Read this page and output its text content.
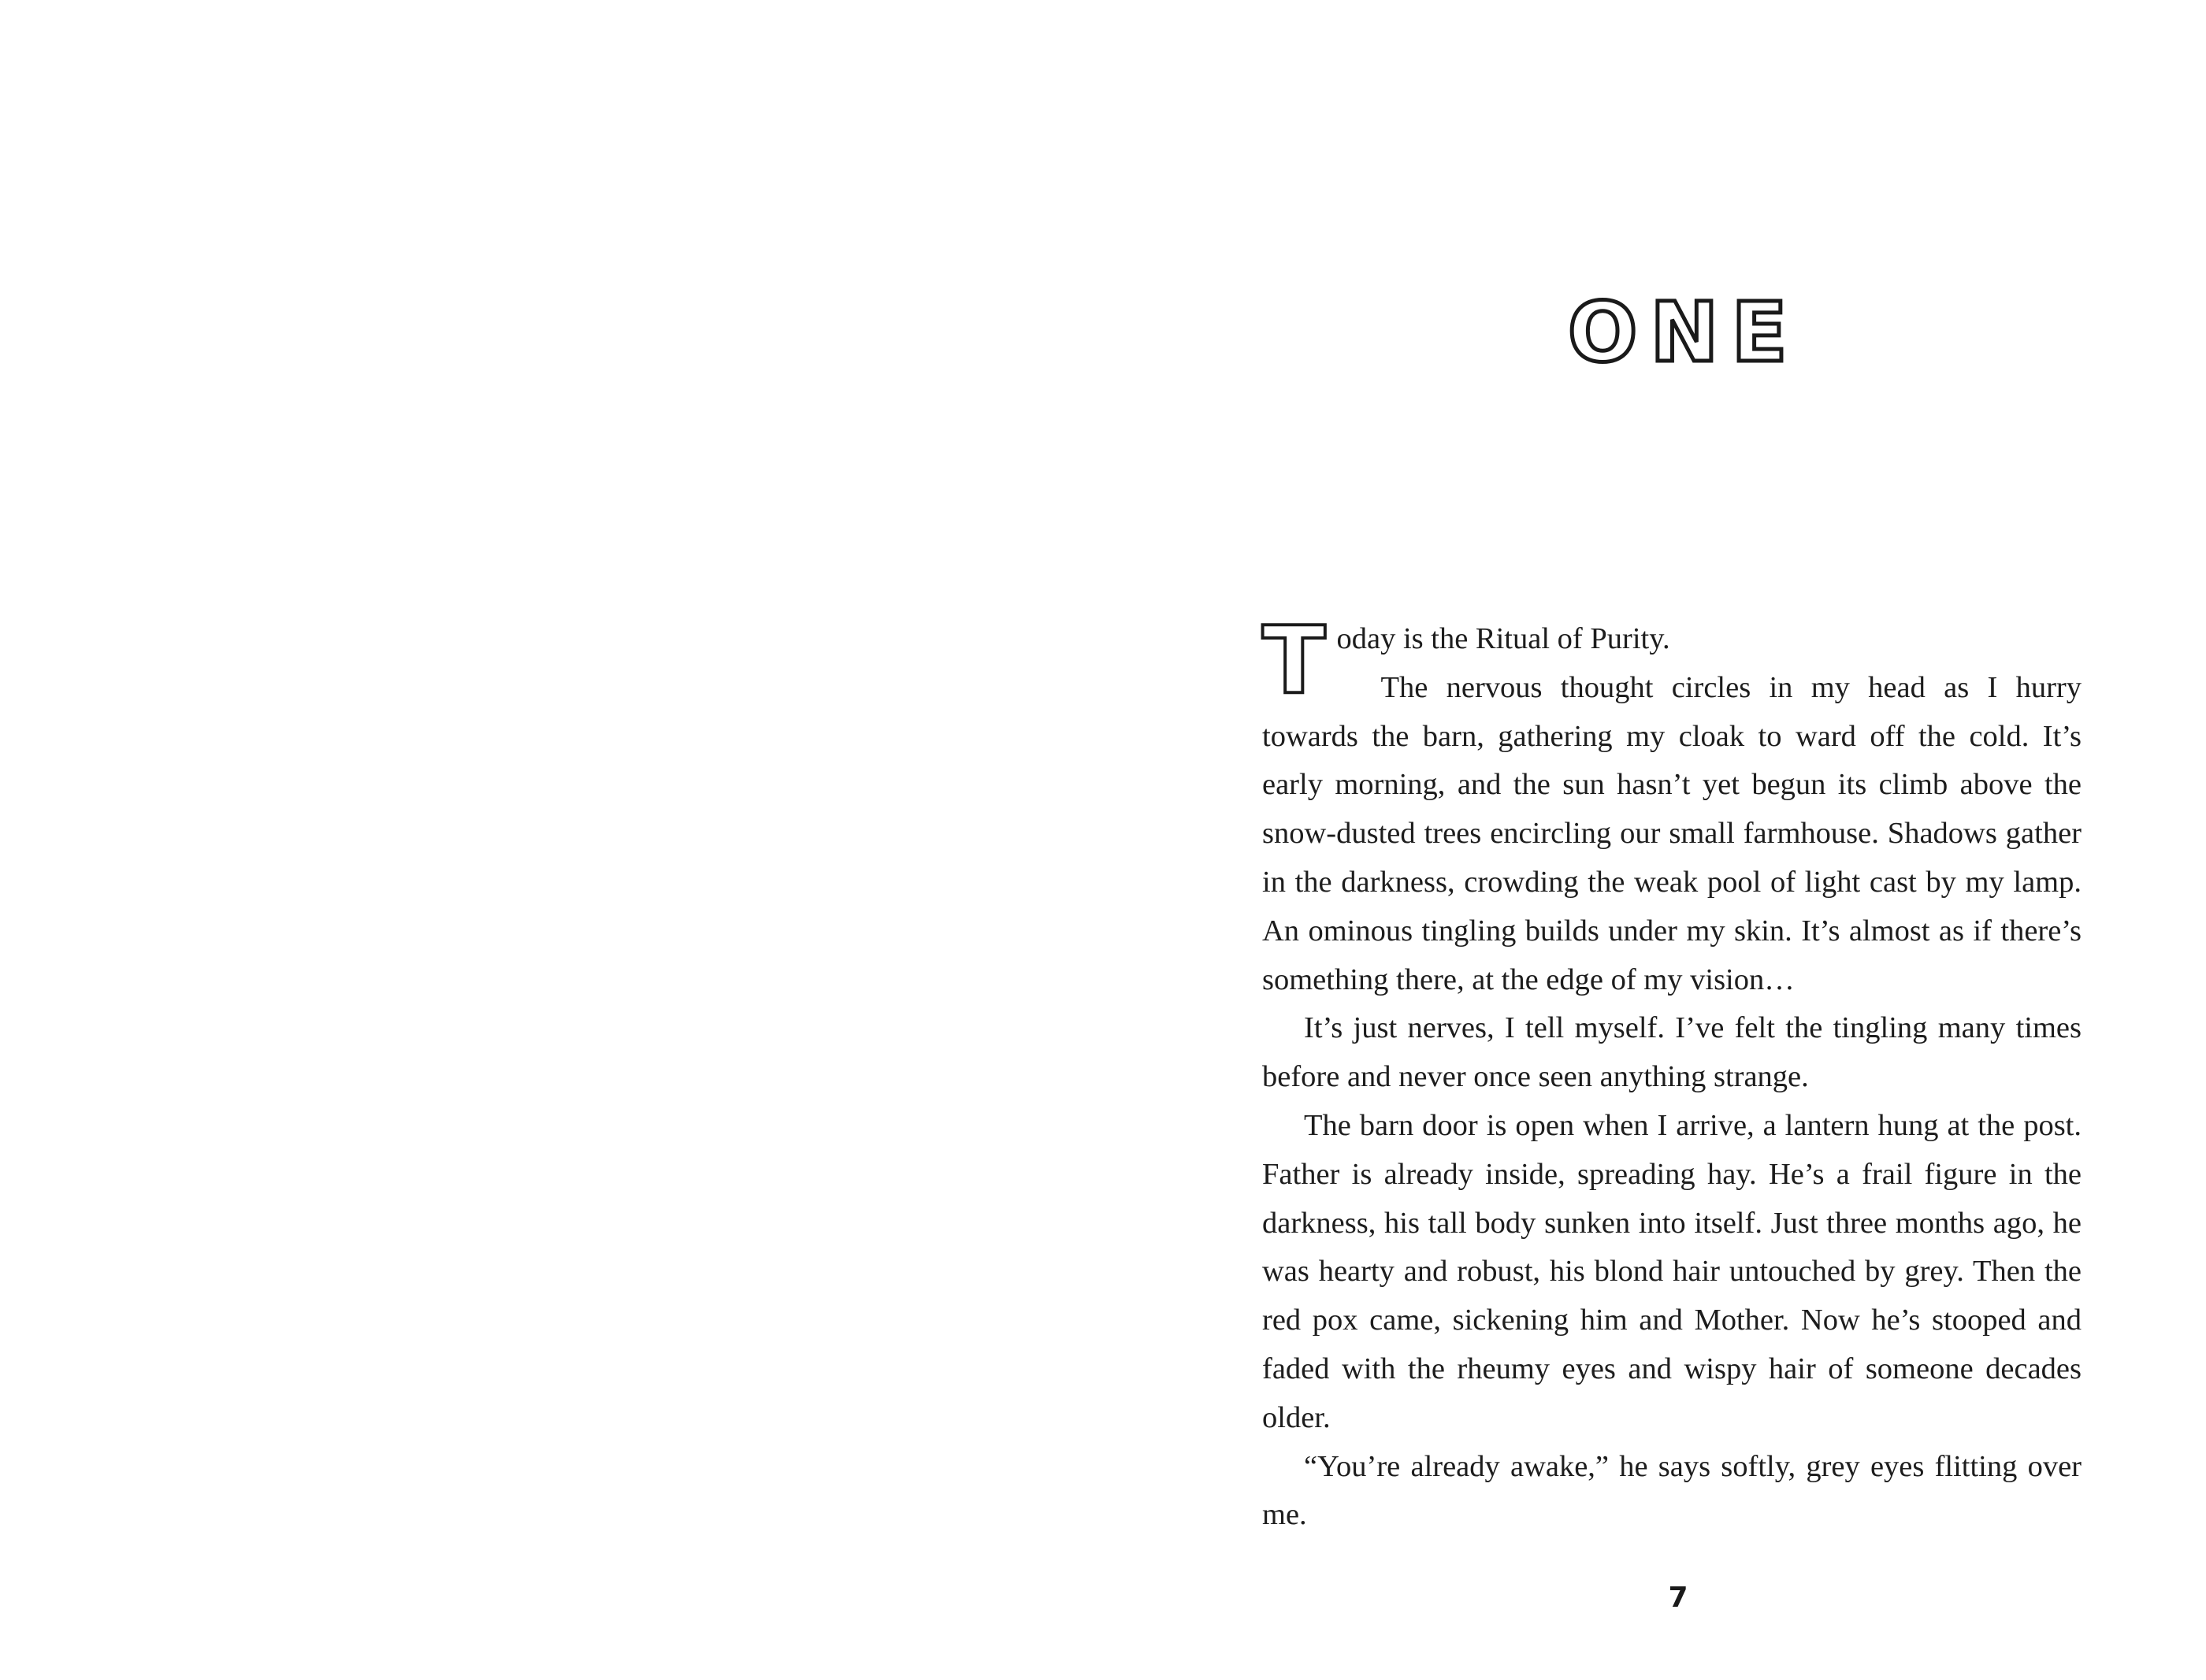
ONE

Today is the Ritual of Purity.
The nervous thought circles in my head as I hurry towards the barn, gathering my cloak to ward off the cold. It’s early morning, and the sun hasn’t yet begun its climb above the snow-dusted trees encircling our small farmhouse. Shadows gather in the darkness, crowding the weak pool of light cast by my lamp. An ominous tingling builds under my skin. It’s almost as if there’s something there, at the edge of my vision…

It’s just nerves, I tell myself. I’ve felt the tingling many times before and never once seen anything strange.

The barn door is open when I arrive, a lantern hung at the post. Father is already inside, spreading hay. He’s a frail figure in the darkness, his tall body sunken into itself. Just three months ago, he was hearty and robust, his blond hair untouched by grey. Then the red pox came, sickening him and Mother. Now he’s stooped and faded with the rheumy eyes and wispy hair of someone decades older.

“You’re already awake,” he says softly, grey eyes flitting over me.

7
